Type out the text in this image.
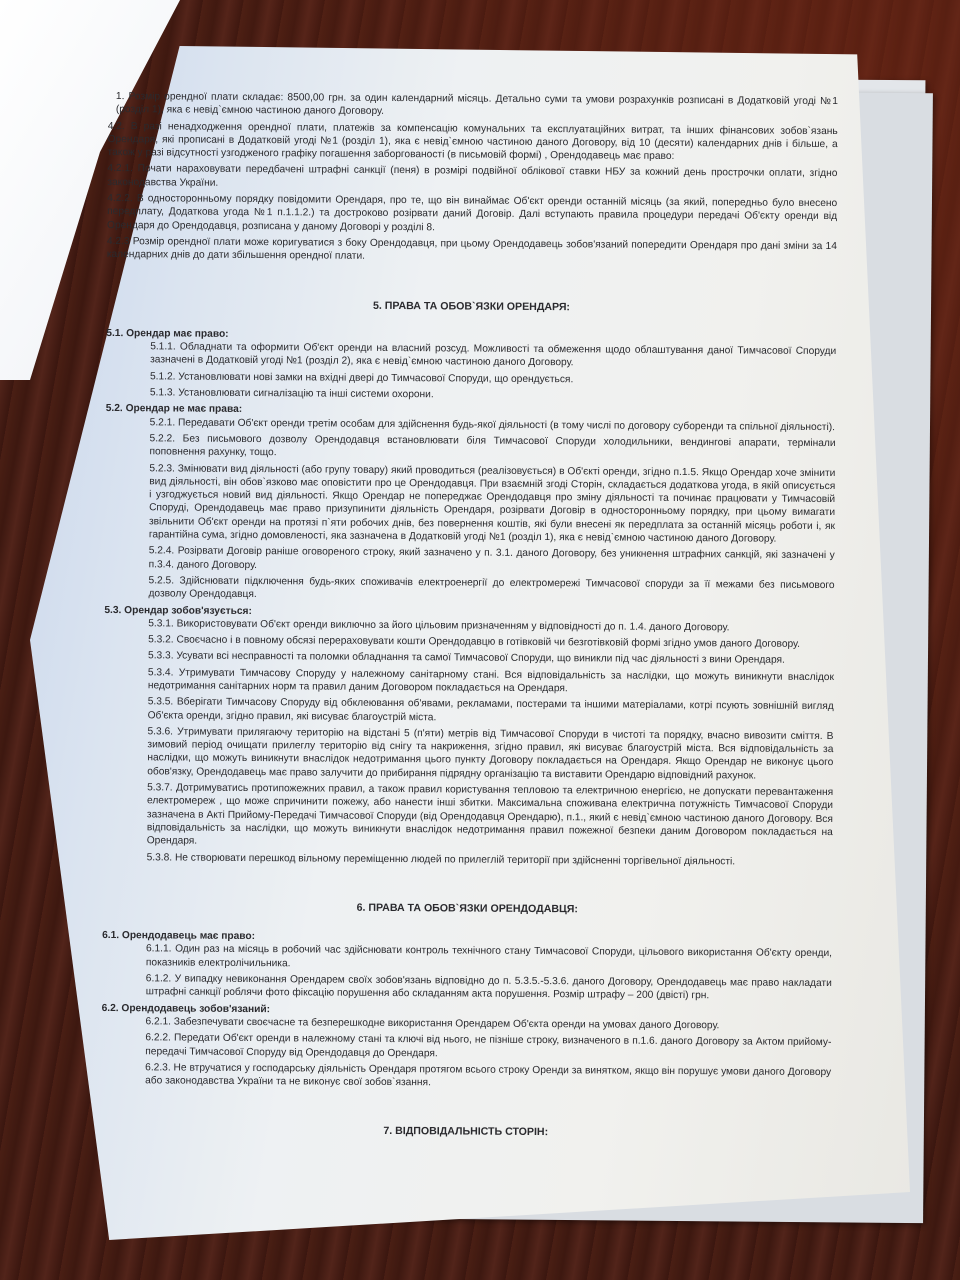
1. Розмір орендної плати складає: 8500,00 грн. за один календарний місяць. Детально суми та умови розрахунків розписані в Додатковій угоді №1 (розділ 1), яка є невід`ємною частиною даного Договору.

4.2. В разі ненадходження орендної плати, платежів за компенсацію комунальних та експлуатаційних витрат, та інших фінансових зобов`язань Орендаря, які прописані в Додатковій угоді №1 (розділ 1), яка є невід`ємною частиною даного Договору, від 10 (десяти) календарних днів і більше, а також у разі відсутності узгодженого графіку погашення заборгованості (в письмовій формі) , Орендодавець має право:

4.2.1. Почати нараховувати передбачені штрафні санкції (пеня) в розмірі подвійної облікової ставки НБУ за кожний день прострочки оплати, згідно законодавства України.

4.2.2. В односторонньому порядку повідомити Орендаря, про те, що він винаймає Об'єкт оренди останній місяць (за який, попередньо було внесено передплату, Додаткова угода №1 п.1.1.2.) та достроково розірвати даний Договір. Далі вступають правила процедури передачі Об'єкту оренди від Орендаря до Орендодавця, розписана у даному Договорі у розділі 8.

4.2.3 Розмір орендної плати може коригуватися з боку Орендодавця, при цьому Орендодавець зобов'язаний попередити Орендаря про дані зміни за 14 календарних днів до дати збільшення орендної плати.

5. ПРАВА ТА ОБОВ`ЯЗКИ ОРЕНДАРЯ:

5.1. Орендар має право:

5.1.1. Обладнати та оформити Об'єкт оренди на власний розсуд. Можливості та обмеження щодо облаштування даної Тимчасової Споруди зазначені в Додатковій угоді №1 (розділ 2), яка є невід`ємною частиною даного Договору.

5.1.2. Установлювати нові замки на вхідні двері до Тимчасової Споруди, що орендується.

5.1.3. Установлювати сигналізацію та інші системи охорони.

5.2. Орендар не має права:

5.2.1. Передавати Об'єкт оренди третім особам для здійснення будь-якої діяльності (в тому числі по договору суборенди та спільної діяльності).

5.2.2. Без письмового дозволу Орендодавця встановлювати біля Тимчасової Споруди холодильники, вендингові апарати, термінали поповнення рахунку, тощо.

5.2.3. Змінювати вид діяльності (або групу товару) який проводиться (реалізовується) в Об'єкті оренди, згідно п.1.5. Якщо Орендар хоче змінити вид діяльності, він обов`язково має оповістити про це Орендодавця. При взаємній згоді Сторін, складається додаткова угода, в якій описується і узгоджується новий вид діяльності. Якщо Орендар не попереджає Орендодавця про зміну діяльності та починає працювати у Тимчасовій Споруді, Орендодавець має право призупинити діяльність Орендаря, розірвати Договір в односторонньому порядку, при цьому вимагати звільнити Об'єкт оренди на протязі п`яти робочих днів, без повернення коштів, які були внесені як передплата за останній місяць роботи і, як гарантійна сума, згідно домовленості, яка зазначена в Додатковій угоді №1 (розділ 1), яка є невід`ємною частиною даного Договору.

5.2.4. Розірвати Договір раніше оговореного строку, який зазначено у п. 3.1. даного Договору, без уникнення штрафних санкцій, які зазначені у п.3.4. даного Договору.

5.2.5. Здійснювати підключення будь-яких споживачів електроенергії до електромережі Тимчасової споруди за її межами без письмового дозволу Орендодавця.

5.3. Орендар зобов'язується:

5.3.1. Використовувати Об'єкт оренди виключно за його цільовим призначенням у відповідності до п. 1.4. даного Договору.

5.3.2. Своєчасно і в повному обсязі перераховувати кошти Орендодавцю в готівковій чи безготівковій формі згідно умов даного Договору.

5.3.3. Усувати всі несправності та поломки обладнання та самої Тимчасової Споруди, що виникли під час діяльності з вини Орендаря.

5.3.4. Утримувати Тимчасову Споруду у належному санітарному стані. Вся відповідальність за наслідки, що можуть виникнути внаслідок недотримання санітарних норм та правил даним Договором покладається на Орендаря.

5.3.5. Вберігати Тимчасову Споруду від обклеювання об'явами, рекламами, постерами та іншими матеріалами, котрі псують зовнішній вигляд Об'єкта оренди, згідно правил, які висуває благоустрій міста.

5.3.6. Утримувати прилягаючу територію на відстані 5 (п'яти) метрів від Тимчасової Споруди в чистоті та порядку, вчасно вивозити сміття. В зимовий період очищати прилеглу територію від снігу та накриження, згідно правил, які висуває благоустрій міста. Вся відповідальність за наслідки, що можуть виникнути внаслідок недотримання цього пункту Договору покладається на Орендаря. Якщо Орендар не виконує цього обов'язку, Орендодавець має право залучити до прибирання підрядну організацію та виставити Орендарю відповідний рахунок.

5.3.7. Дотримуватись протипожежних правил, а також правил користування тепловою та електричною енергією, не допускати перевантаження електромереж , що може спричинити пожежу, або нанести інші збитки. Максимальна споживана електрична потужність Тимчасової Споруди зазначена в Акті Прийому-Передачі Тимчасової Споруди (від Орендодавця Орендарю), п.1., який є невід`ємною частиною даного Договору. Вся відповідальність за наслідки, що можуть виникнути внаслідок недотримання правил пожежної безпеки даним Договором покладається на Орендаря.

5.3.8. Не створювати перешкод вільному переміщенню людей по прилеглій території при здійсненні торгівельної діяльності.

6. ПРАВА ТА ОБОВ`ЯЗКИ ОРЕНДОДАВЦЯ:

6.1. Орендодавець має право:

6.1.1. Один раз на місяць в робочий час здійснювати контроль технічного стану Тимчасової Споруди, цільового використання Об'єкту оренди, показників електролічильника.

6.1.2. У випадку невиконання Орендарем своїх зобов'язань відповідно до п. 5.3.5.-5.3.6. даного Договору, Орендодавець має право накладати штрафні санкції роблячи фото фіксацію порушення або складанням акта порушення. Розмір штрафу – 200 (двісті) грн.

6.2. Орендодавець зобов'язаний:

6.2.1. Забезпечувати своєчасне та безперешкодне використання Орендарем Об'єкта оренди на умовах даного Договору.

6.2.2. Передати Об'єкт оренди в належному стані та ключі від нього, не пізніше строку, визначеного в п.1.6. даного Договору за Актом прийому-передачі Тимчасової Споруду від Орендодавця до Орендаря.

6.2.3. Не втручатися у господарську діяльність Орендаря протягом всього строку Оренди за винятком, якщо він порушує умови даного Договору або законодавства України та не виконує свої зобов`язання.

7. ВІДПОВІДАЛЬНІСТЬ СТОРІН:
